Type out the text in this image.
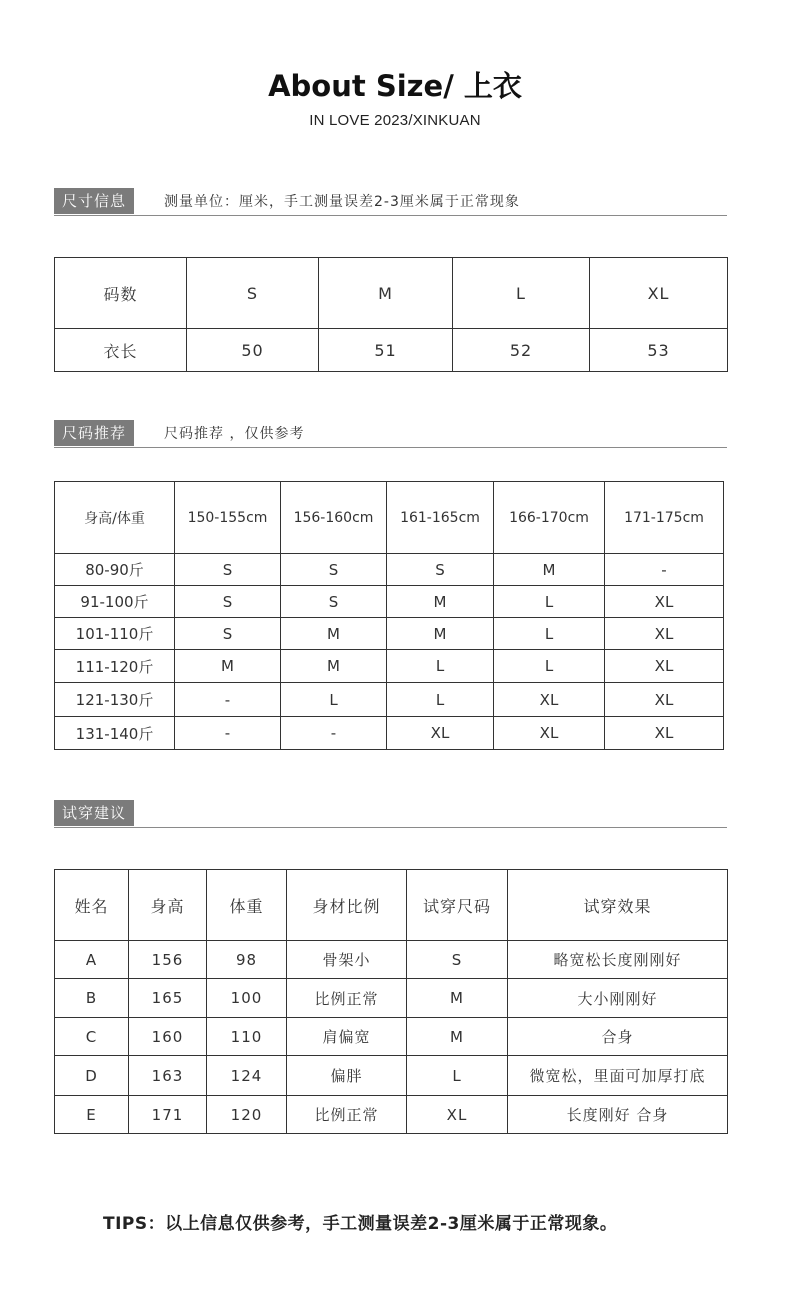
About Size/ 上衣
IN LOVE 2023/XINKUAN
尺寸信息	测量单位：厘米，手工测量误差2-3厘米属于正常现象
码数	S	M	L	XL
衣长	50	51	52	53
尺码推荐	尺码推荐 ，仅供参考
身高/体重	150-155cm	156-160cm	161-165cm	166-170cm	171-175cm
80-90斤	S	S	S	M	-
91-100斤	S	S	M	L	XL
101-110斤	S	M	M	L	XL
111-120斤	M	M	L	L	XL
121-130斤	-	L	L	XL	XL
131-140斤	-	-	XL	XL	XL
试穿建议
姓名	身高	体重	身材比例	试穿尺码	试穿效果
A	156	98	骨架小	S	略宽松长度刚刚好
B	165	100	比例正常	M	大小刚刚好
C	160	110	肩偏宽	M	合身
D	163	124	偏胖	L	微宽松，里面可加厚打底
E	171	120	比例正常	XL	长度刚好 合身
TIPS：以上信息仅供参考，手工测量误差2-3厘米属于正常现象。
